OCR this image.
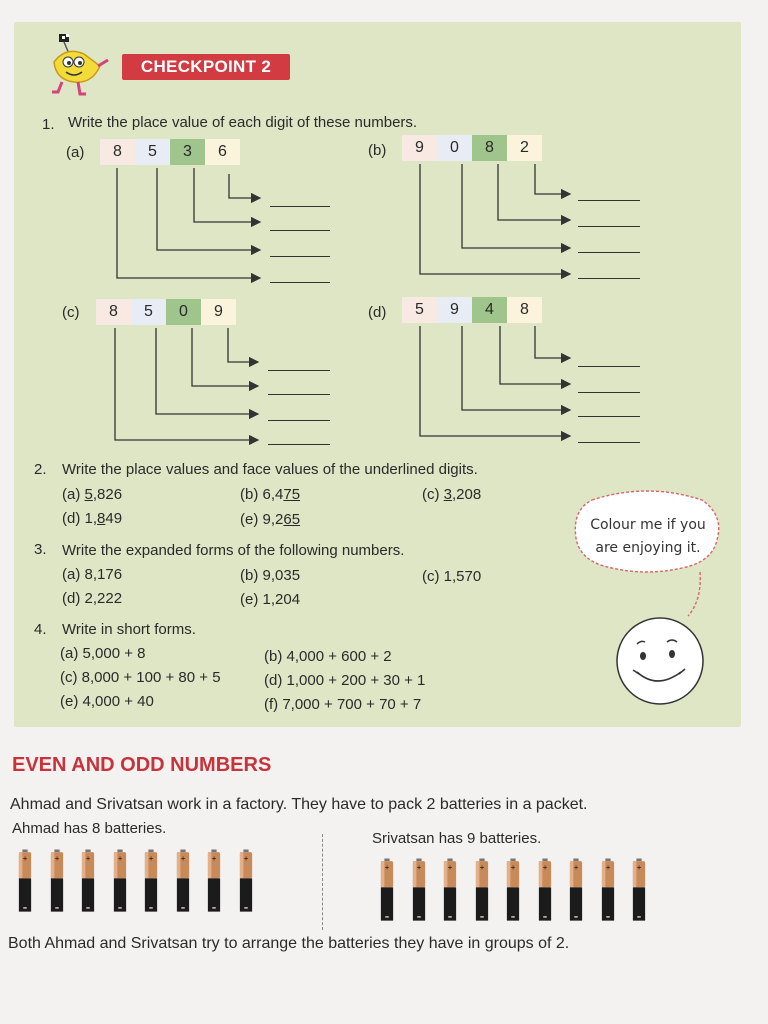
CHECKPOINT 2
1. Write the place value of each digit of these numbers.
(a)	8	5	3	6	(b)	9	0	8	2
(c)	8	5	0	9	(d)	5	9	4	8
2. Write the place values and face values of the underlined digits.
(a) 5,826	(b) 6,475	(c) 3,208
(d) 1,849	(e) 9,265
3. Write the expanded forms of the following numbers.
(a) 8,176	(b) 9,035	(c) 1,570
(d) 2,222	(e) 1,204
4. Write in short forms.
(a) 5,000 + 8	(b) 4,000 + 600 + 2
(c) 8,000 + 100 + 80 + 5	(d) 1,000 + 200 + 30 + 1
(e) 4,000 + 40	(f) 7,000 + 700 + 70 + 7
Colour me if you
are enjoying it.
EVEN AND ODD NUMBERS
Ahmad and Srivatsan work in a factory. They have to pack 2 batteries in a packet.
Ahmad has 8 batteries.
Srivatsan has 9 batteries.
+	+	+	+	+	+	+	+
+	+	+	+	+	+	+	+	+
Both Ahmad and Srivatsan try to arrange the batteries they have in groups of 2.
